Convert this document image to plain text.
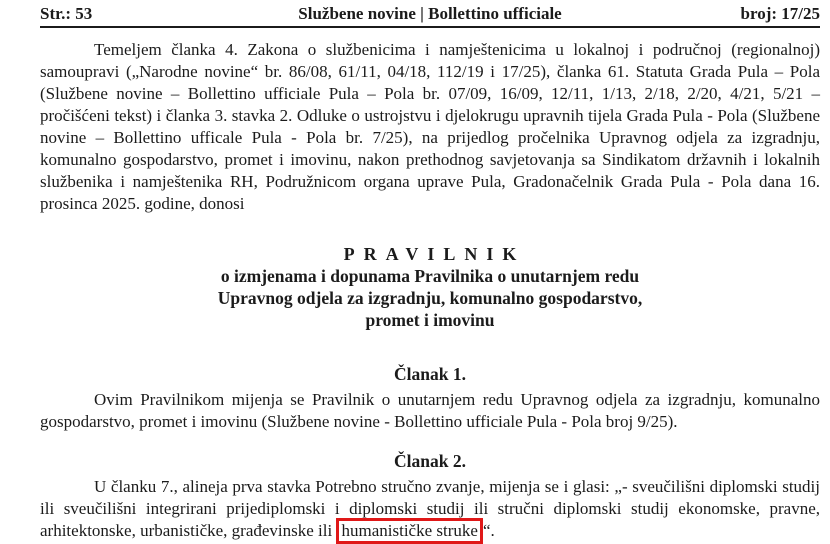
Str.: 53	Službene novine | Bollettino ufficiale	broj: 17/25

Temeljem članka 4. Zakona o službenicima i namještenicima u lokalnoj i područnoj (regionalnoj) samoupravi („Narodne novine“ br. 86/08, 61/11, 04/18, 112/19 i 17/25), članka 61. Statuta Grada Pula – Pola (Službene novine – Bollettino ufficiale Pula – Pola br. 07/09, 16/09, 12/11, 1/13, 2/18, 2/20, 4/21, 5/21 – pročišćeni tekst) i članka 3. stavka 2. Odluke o ustrojstvu i djelokrugu upravnih tijela Grada Pula - Pola (Službene novine – Bollettino ufficale Pula - Pola br. 7/25), na prijedlog pročelnika Upravnog odjela za izgradnju, komunalno gospodarstvo, promet i imovinu, nakon prethodnog savjetovanja sa Sindikatom državnih i lokalnih službenika i namještenika RH, Podružnicom organa uprave Pula, Gradonačelnik Grada Pula - Pola dana 16. prosinca 2025. godine, donosi

PRAVILNIK
o izmjenama i dopunama Pravilnika o unutarnjem redu
Upravnog odjela za izgradnju, komunalno gospodarstvo,
promet i imovinu
Članak 1.

Ovim Pravilnikom mijenja se Pravilnik o unutarnjem redu Upravnog odjela za izgradnju, komunalno gospodarstvo, promet i imovinu (Službene novine - Bollettino ufficiale Pula - Pola broj 9/25).

Članak 2.

U članku 7., alineja prva stavka Potrebno stručno zvanje, mijenja se i glasi: „- sveučilišni diplomski studij ili sveučilišni integrirani prijediplomski i diplomski studij ili stručni diplomski studij ekonomske, pravne, arhitektonske, urbanističke, građevinske ili humanističke struke “.
